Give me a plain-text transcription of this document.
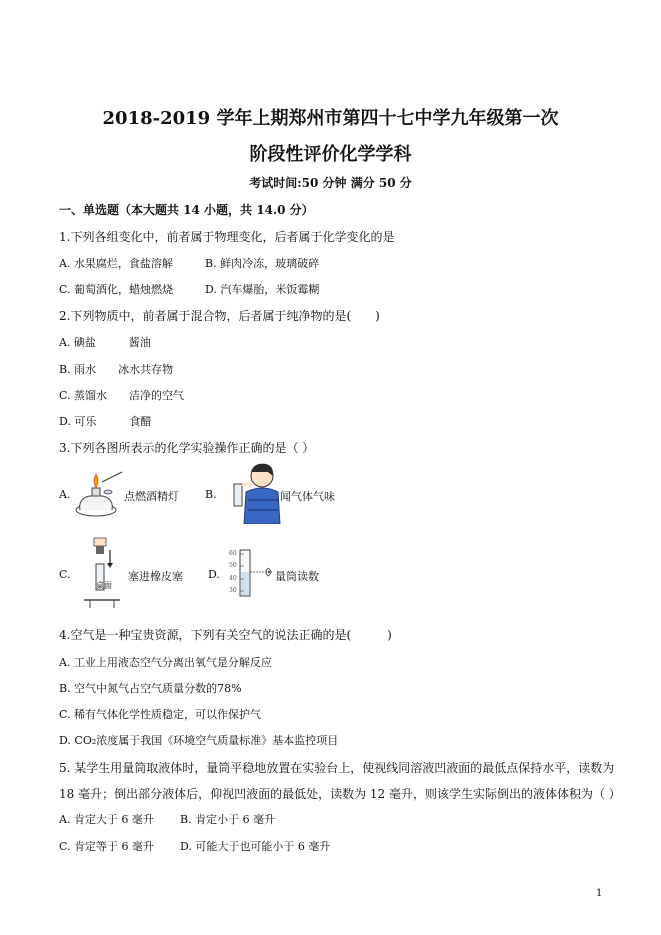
2018-2019 学年上期郑州市第四十七中学九年级第一次
阶段性评价化学学科
考试时间:50 分钟 满分 50 分
一、单选题（本大题共 14 小题，共 14.0 分）
1.下列各组变化中，前者属于物理变化，后者属于化学变化的是
A. 水果腐烂，食盐溶解	B. 鲜肉冷冻，玻璃破碎
C. 葡萄酒化，蜡烛燃烧	D. 汽车爆胎，米饭霉糊
2.下列物质中，前者属于混合物，后者属于纯净物的是(　　)
A. 碘盐　　　酱油
B. 雨水　　冰水共存物
C. 蒸馏水　　洁净的空气
D. 可乐　　　食醋
3.下列各图所表示的化学实验操作正确的是（ ）
A.	点燃酒精灯 B.	闻气体气味
C.
桌面
塞进橡皮塞 D.
60
50
40
30
量筒读数
4.空气是一种宝贵资源，下列有关空气的说法正确的是(　　　)
A. 工业上用液态空气分离出氧气是分解反应
B. 空气中氮气占空气质量分数的78%
C. 稀有气体化学性质稳定，可以作保护气
D. CO₂浓度属于我国《环境空气质量标准》基本监控项目
5. 某学生用量筒取液体时，量筒平稳地放置在实验台上，使视线同溶液凹液面的最低点保持水平，读数为
18 毫升；倒出部分液体后，仰视凹液面的最低处，读数为 12 毫升，则该学生实际倒出的液体体积为（ ）
A. 肯定大于 6 毫升 B. 肯定小于 6 毫升
C. 肯定等于 6 毫升 D. 可能大于也可能小于 6 毫升
1
